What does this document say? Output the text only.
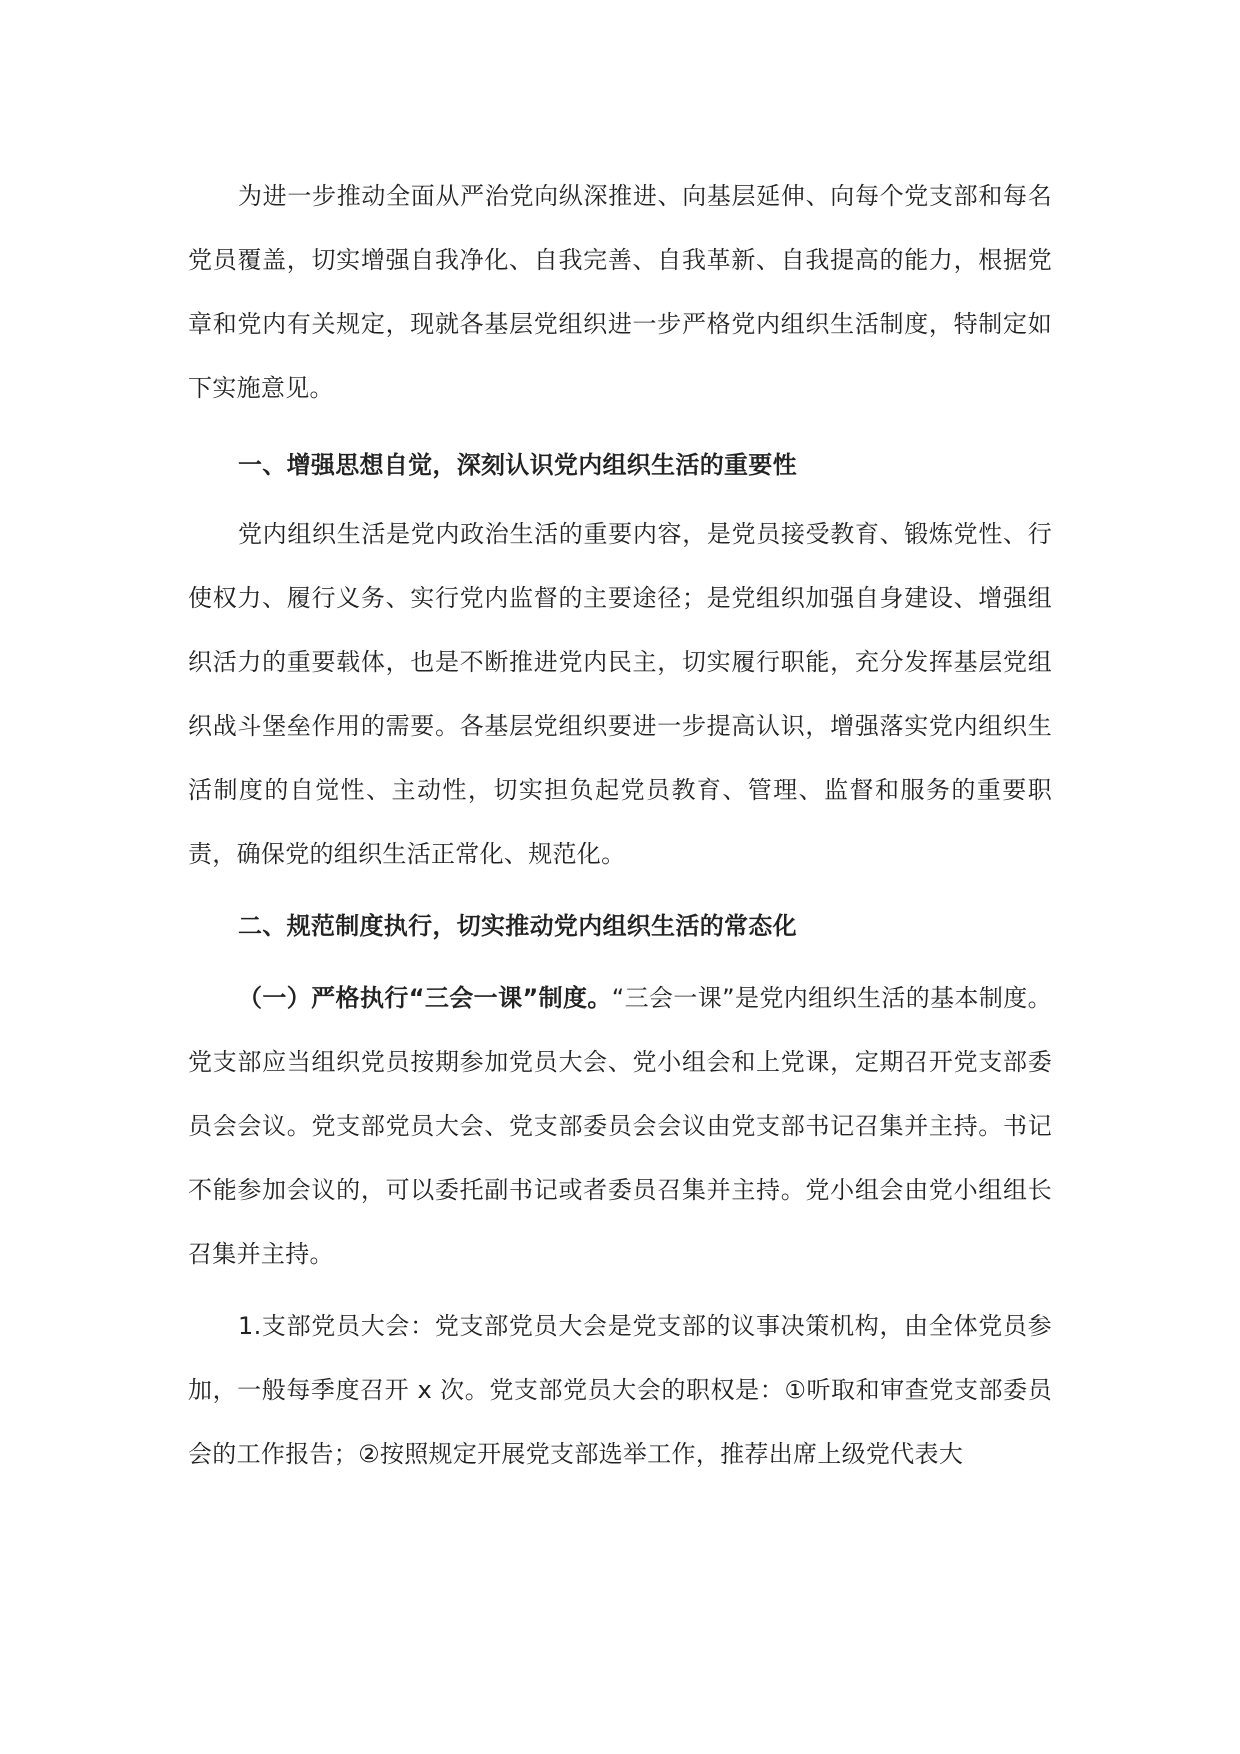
为进一步推动全面从严治党向纵深推进、向基层延伸、向每个党支部和每名党员覆盖，切实增强自我净化、自我完善、自我革新、自我提高的能力，根据党章和党内有关规定，现就各基层党组织进一步严格党内组织生活制度，特制定如下实施意见。

一、增强思想自觉，深刻认识党内组织生活的重要性

党内组织生活是党内政治生活的重要内容，是党员接受教育、锻炼党性、行使权力、履行义务、实行党内监督的主要途径；是党组织加强自身建设、增强组织活力的重要载体，也是不断推进党内民主，切实履行职能，充分发挥基层党组织战斗堡垒作用的需要。各基层党组织要进一步提高认识，增强落实党内组织生活制度的自觉性、主动性，切实担负起党员教育、管理、监督和服务的重要职责，确保党的组织生活正常化、规范化。

二、规范制度执行，切实推动党内组织生活的常态化

（一）严格执行“三会一课”制度。“三会一课”是党内组织生活的基本制度。党支部应当组织党员按期参加党员大会、党小组会和上党课，定期召开党支部委员会会议。党支部党员大会、党支部委员会会议由党支部书记召集并主持。书记不能参加会议的，可以委托副书记或者委员召集并主持。党小组会由党小组组长召集并主持。

1.支部党员大会：党支部党员大会是党支部的议事决策机构，由全体党员参加，一般每季度召开 x 次。党支部党员大会的职权是：①听取和审查党支部委员会的工作报告；②按照规定开展党支部选举工作，推荐出席上级党代表大
